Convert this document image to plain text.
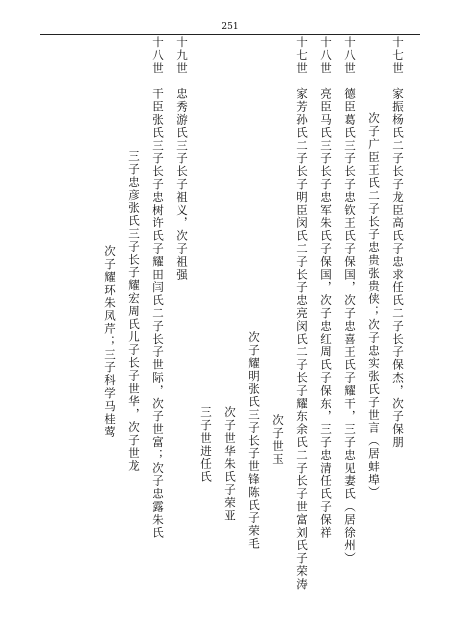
251
十七世　家振杨氏二子长子龙臣高氏子忠求任氏二子长子保杰，次子保朋
次子广臣王氏二子长子忠贵张贵侠；次子忠实张氏子世言（居蚌埠）
十八世　德臣葛氏三子长子忠钦王氏子保国，次子忠喜王氏子耀干，三子忠见妻氏（居徐州）
十八世　亮臣马氏三子长子忠军朱氏子保国，次子忠红周氏子保东，三子忠清任氏子保祥
十七世　家芳孙氏二子长子明臣闵氏二子长子忠亮闵氏二子长子耀东余氏二子长子世富刘氏子荣涛
次子世玉
次子耀明张氏三子长子世锋陈氏子荣毛
次子世华朱氏子荣亚
三子世进任氏
十九世　忠秀游氏三子长子祖义，次子祖强
十八世　干臣张氏三子长子忠树许氏子耀田闫氏二子长子世际，次子世富；次子忠露朱氏
三子忠彦张氏三子长子耀宏周氏儿子长子世华，次子世龙
次子耀环朱凤芹；三子科学马桂莺
